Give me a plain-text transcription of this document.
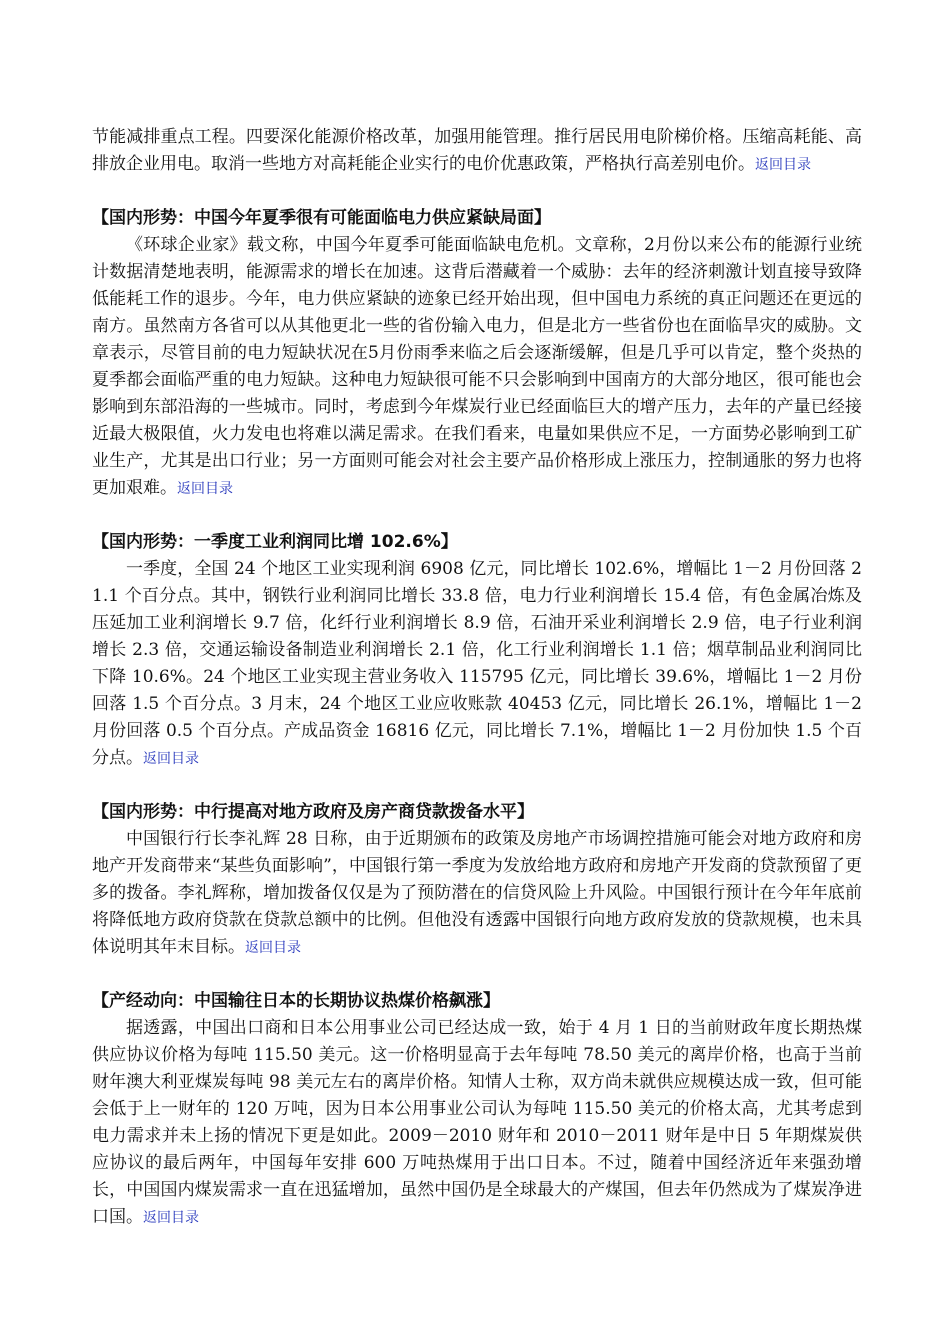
节能减排重点工程。四要深化能源价格改革，加强用能管理。推行居民用电阶梯价格。压缩高耗能、高排放企业用电。取消一些地方对高耗能企业实行的电价优惠政策，严格执行高差别电价。返回目录

【国内形势：中国今年夏季很有可能面临电力供应紧缺局面】

《环球企业家》载文称，中国今年夏季可能面临缺电危机。文章称，2月份以来公布的能源行业统计数据清楚地表明，能源需求的增长在加速。这背后潜藏着一个威胁：去年的经济刺激计划直接导致降低能耗工作的退步。今年，电力供应紧缺的迹象已经开始出现，但中国电力系统的真正问题还在更远的南方。虽然南方各省可以从其他更北一些的省份输入电力，但是北方一些省份也在面临旱灾的威胁。文章表示，尽管目前的电力短缺状况在5月份雨季来临之后会逐渐缓解，但是几乎可以肯定，整个炎热的夏季都会面临严重的电力短缺。这种电力短缺很可能不只会影响到中国南方的大部分地区，很可能也会影响到东部沿海的一些城市。同时，考虑到今年煤炭行业已经面临巨大的增产压力，去年的产量已经接近最大极限值，火力发电也将难以满足需求。在我们看来，电量如果供应不足，一方面势必影响到工矿业生产，尤其是出口行业；另一方面则可能会对社会主要产品价格形成上涨压力，控制通胀的努力也将更加艰难。返回目录

【国内形势：一季度工业利润同比增 102.6%】

一季度，全国 24 个地区工业实现利润 6908 亿元，同比增长 102.6%，增幅比 1－2 月份回落 21.1 个百分点。其中，钢铁行业利润同比增长 33.8 倍，电力行业利润增长 15.4 倍，有色金属冶炼及压延加工业利润增长 9.7 倍，化纤行业利润增长 8.9 倍，石油开采业利润增长 2.9 倍，电子行业利润增长 2.3 倍，交通运输设备制造业利润增长 2.1 倍，化工行业利润增长 1.1 倍；烟草制品业利润同比下降 10.6%。24 个地区工业实现主营业务收入 115795 亿元，同比增长 39.6%，增幅比 1－2 月份回落 1.5 个百分点。3 月末，24 个地区工业应收账款 40453 亿元，同比增长 26.1%，增幅比 1－2 月份回落 0.5 个百分点。产成品资金 16816 亿元，同比增长 7.1%，增幅比 1－2 月份加快 1.5 个百分点。返回目录

【国内形势：中行提高对地方政府及房产商贷款拨备水平】

中国银行行长李礼辉 28 日称，由于近期颁布的政策及房地产市场调控措施可能会对地方政府和房地产开发商带来“某些负面影响”，中国银行第一季度为发放给地方政府和房地产开发商的贷款预留了更多的拨备。李礼辉称，增加拨备仅仅是为了预防潜在的信贷风险上升风险。中国银行预计在今年年底前将降低地方政府贷款在贷款总额中的比例。但他没有透露中国银行向地方政府发放的贷款规模，也未具体说明其年末目标。返回目录

【产经动向：中国输往日本的长期协议热煤价格飙涨】

据透露，中国出口商和日本公用事业公司已经达成一致，始于 4 月 1 日的当前财政年度长期热煤供应协议价格为每吨 115.50 美元。这一价格明显高于去年每吨 78.50 美元的离岸价格，也高于当前财年澳大利亚煤炭每吨 98 美元左右的离岸价格。知情人士称，双方尚未就供应规模达成一致，但可能会低于上一财年的 120 万吨，因为日本公用事业公司认为每吨 115.50 美元的价格太高，尤其考虑到电力需求并未上扬的情况下更是如此。2009－2010 财年和 2010－2011 财年是中日 5 年期煤炭供应协议的最后两年，中国每年安排 600 万吨热煤用于出口日本。不过，随着中国经济近年来强劲增长，中国国内煤炭需求一直在迅猛增加，虽然中国仍是全球最大的产煤国，但去年仍然成为了煤炭净进口国。返回目录
